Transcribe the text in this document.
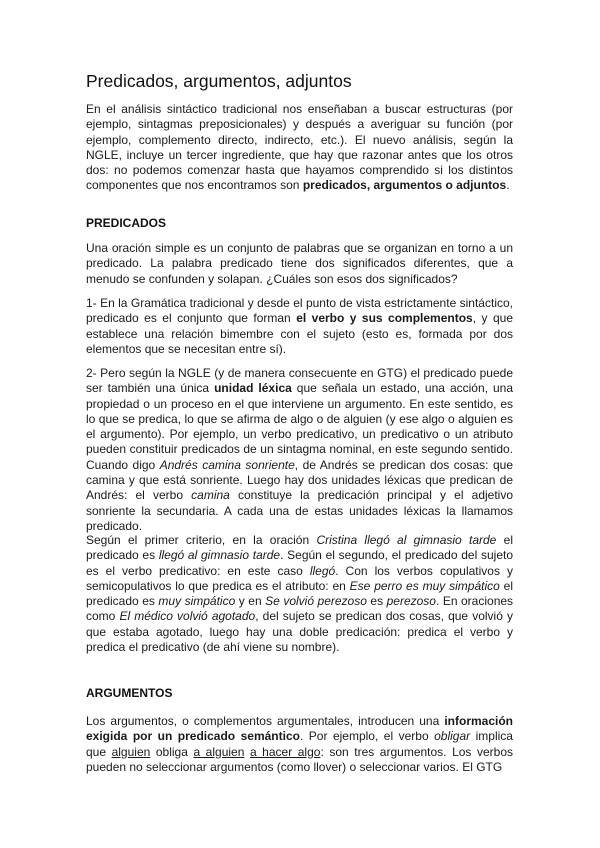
Predicados, argumentos, adjuntos

En el análisis sintáctico tradicional nos enseñaban a buscar estructuras (por ejemplo, sintagmas preposicionales) y después a averiguar su función (por ejemplo, complemento directo, indirecto, etc.). El nuevo análisis, según la NGLE, incluye un tercer ingrediente, que hay que razonar antes que los otros dos: no podemos comenzar hasta que hayamos comprendido si los distintos componentes que nos encontramos son predicados, argumentos o adjuntos.

PREDICADOS

Una oración simple es un conjunto de palabras que se organizan en torno a un predicado. La palabra predicado tiene dos significados diferentes, que a menudo se confunden y solapan. ¿Cuáles son esos dos significados?

1- En la Gramática tradicional y desde el punto de vista estrictamente sintáctico, predicado es el conjunto que forman el verbo y sus complementos, y que establece una relación bimembre con el sujeto (esto es, formada por dos elementos que se necesitan entre sí).

2- Pero según la NGLE (y de manera consecuente en GTG) el predicado puede ser también una única unidad léxica que señala un estado, una acción, una propiedad o un proceso en el que interviene un argumento. En este sentido, es lo que se predica, lo que se afirma de algo o de alguien (y ese algo o alguien es el argumento). Por ejemplo, un verbo predicativo, un predicativo o un atributo pueden constituir predicados de un sintagma nominal, en este segundo sentido. Cuando digo Andrés camina sonriente, de Andrés se predican dos cosas: que camina y que está sonriente. Luego hay dos unidades léxicas que predican de Andrés: el verbo camina constituye la predicación principal y el adjetivo sonriente la secundaria. A cada una de estas unidades léxicas la llamamos predicado.

Según el primer criterio, en la oración Cristina llegó al gimnasio tarde el predicado es llegó al gimnasio tarde. Según el segundo, el predicado del sujeto es el verbo predicativo: en este caso llegó. Con los verbos copulativos y semicopulativos lo que predica es el atributo: en Ese perro es muy simpático el predicado es muy simpático y en Se volvió perezoso es perezoso. En oraciones como El médico volvió agotado, del sujeto se predican dos cosas, que volvió y que estaba agotado, luego hay una doble predicación: predica el verbo y predica el predicativo (de ahí viene su nombre).

ARGUMENTOS

Los argumentos, o complementos argumentales, introducen una información exigida por un predicado semántico. Por ejemplo, el verbo obligar implica que alguien obliga a alguien a hacer algo: son tres argumentos. Los verbos pueden no seleccionar argumentos (como llover) o seleccionar varios. El GTG
